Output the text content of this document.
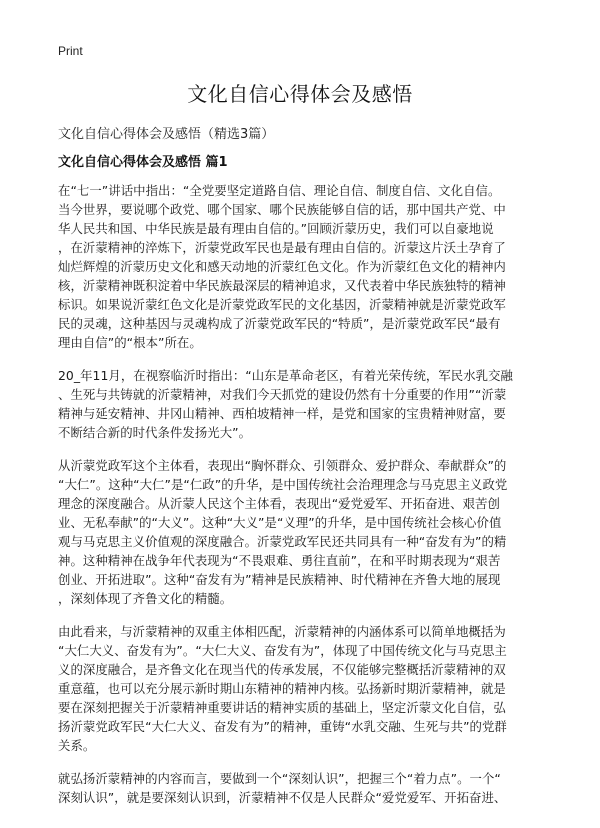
Print
文化自信心得体会及感悟
文化自信心得体会及感悟（精选3篇）
文化自信心得体会及感悟 篇1
在“七一”讲话中指出：“全党要坚定道路自信、理论自信、制度自信、文化自信。
当今世界，要说哪个政党、哪个国家、哪个民族能够自信的话，那中国共产党、中
华人民共和国、中华民族是最有理由自信的。”回顾沂蒙历史，我们可以自豪地说
，在沂蒙精神的淬炼下，沂蒙党政军民也是最有理由自信的。沂蒙这片沃土孕育了
灿烂辉煌的沂蒙历史文化和感天动地的沂蒙红色文化。作为沂蒙红色文化的精神内
核，沂蒙精神既积淀着中华民族最深层的精神追求，又代表着中华民族独特的精神
标识。如果说沂蒙红色文化是沂蒙党政军民的文化基因，沂蒙精神就是沂蒙党政军
民的灵魂，这种基因与灵魂构成了沂蒙党政军民的“特质”，是沂蒙党政军民“最有
理由自信”的“根本”所在。
20_年11月，在视察临沂时指出：“山东是革命老区，有着光荣传统，军民水乳交融
、生死与共铸就的沂蒙精神，对我们今天抓党的建设仍然有十分重要的作用”“沂蒙
精神与延安精神、井冈山精神、西柏坡精神一样，是党和国家的宝贵精神财富，要
不断结合新的时代条件发扬光大”。
从沂蒙党政军这个主体看，表现出“胸怀群众、引领群众、爱护群众、奉献群众”的
“大仁”。这种“大仁”是“仁政”的升华，是中国传统社会治理理念与马克思主义政党
理念的深度融合。从沂蒙人民这个主体看，表现出“爱党爱军、开拓奋进、艰苦创
业、无私奉献”的“大义”。这种“大义”是“义理”的升华，是中国传统社会核心价值
观与马克思主义价值观的深度融合。沂蒙党政军民还共同具有一种“奋发有为”的精
神。这种精神在战争年代表现为“不畏艰难、勇往直前”，在和平时期表现为“艰苦
创业、开拓进取”。这种“奋发有为”精神是民族精神、时代精神在齐鲁大地的展现
，深刻体现了齐鲁文化的精髓。
由此看来，与沂蒙精神的双重主体相匹配，沂蒙精神的内涵体系可以简单地概括为
“大仁大义、奋发有为”。“大仁大义、奋发有为”，体现了中国传统文化与马克思主
义的深度融合，是齐鲁文化在现当代的传承发展，不仅能够完整概括沂蒙精神的双
重意蕴，也可以充分展示新时期山东精神的精神内核。弘扬新时期沂蒙精神，就是
要在深刻把握关于沂蒙精神重要讲话的精神实质的基础上，坚定沂蒙文化自信，弘
扬沂蒙党政军民“大仁大义、奋发有为”的精神，重铸“水乳交融、生死与共”的党群
关系。
就弘扬沂蒙精神的内容而言，要做到一个“深刻认识”，把握三个“着力点”。一个“
深刻认识”，就是要深刻认识到，沂蒙精神不仅是人民群众“爱党爱军、开拓奋进、
